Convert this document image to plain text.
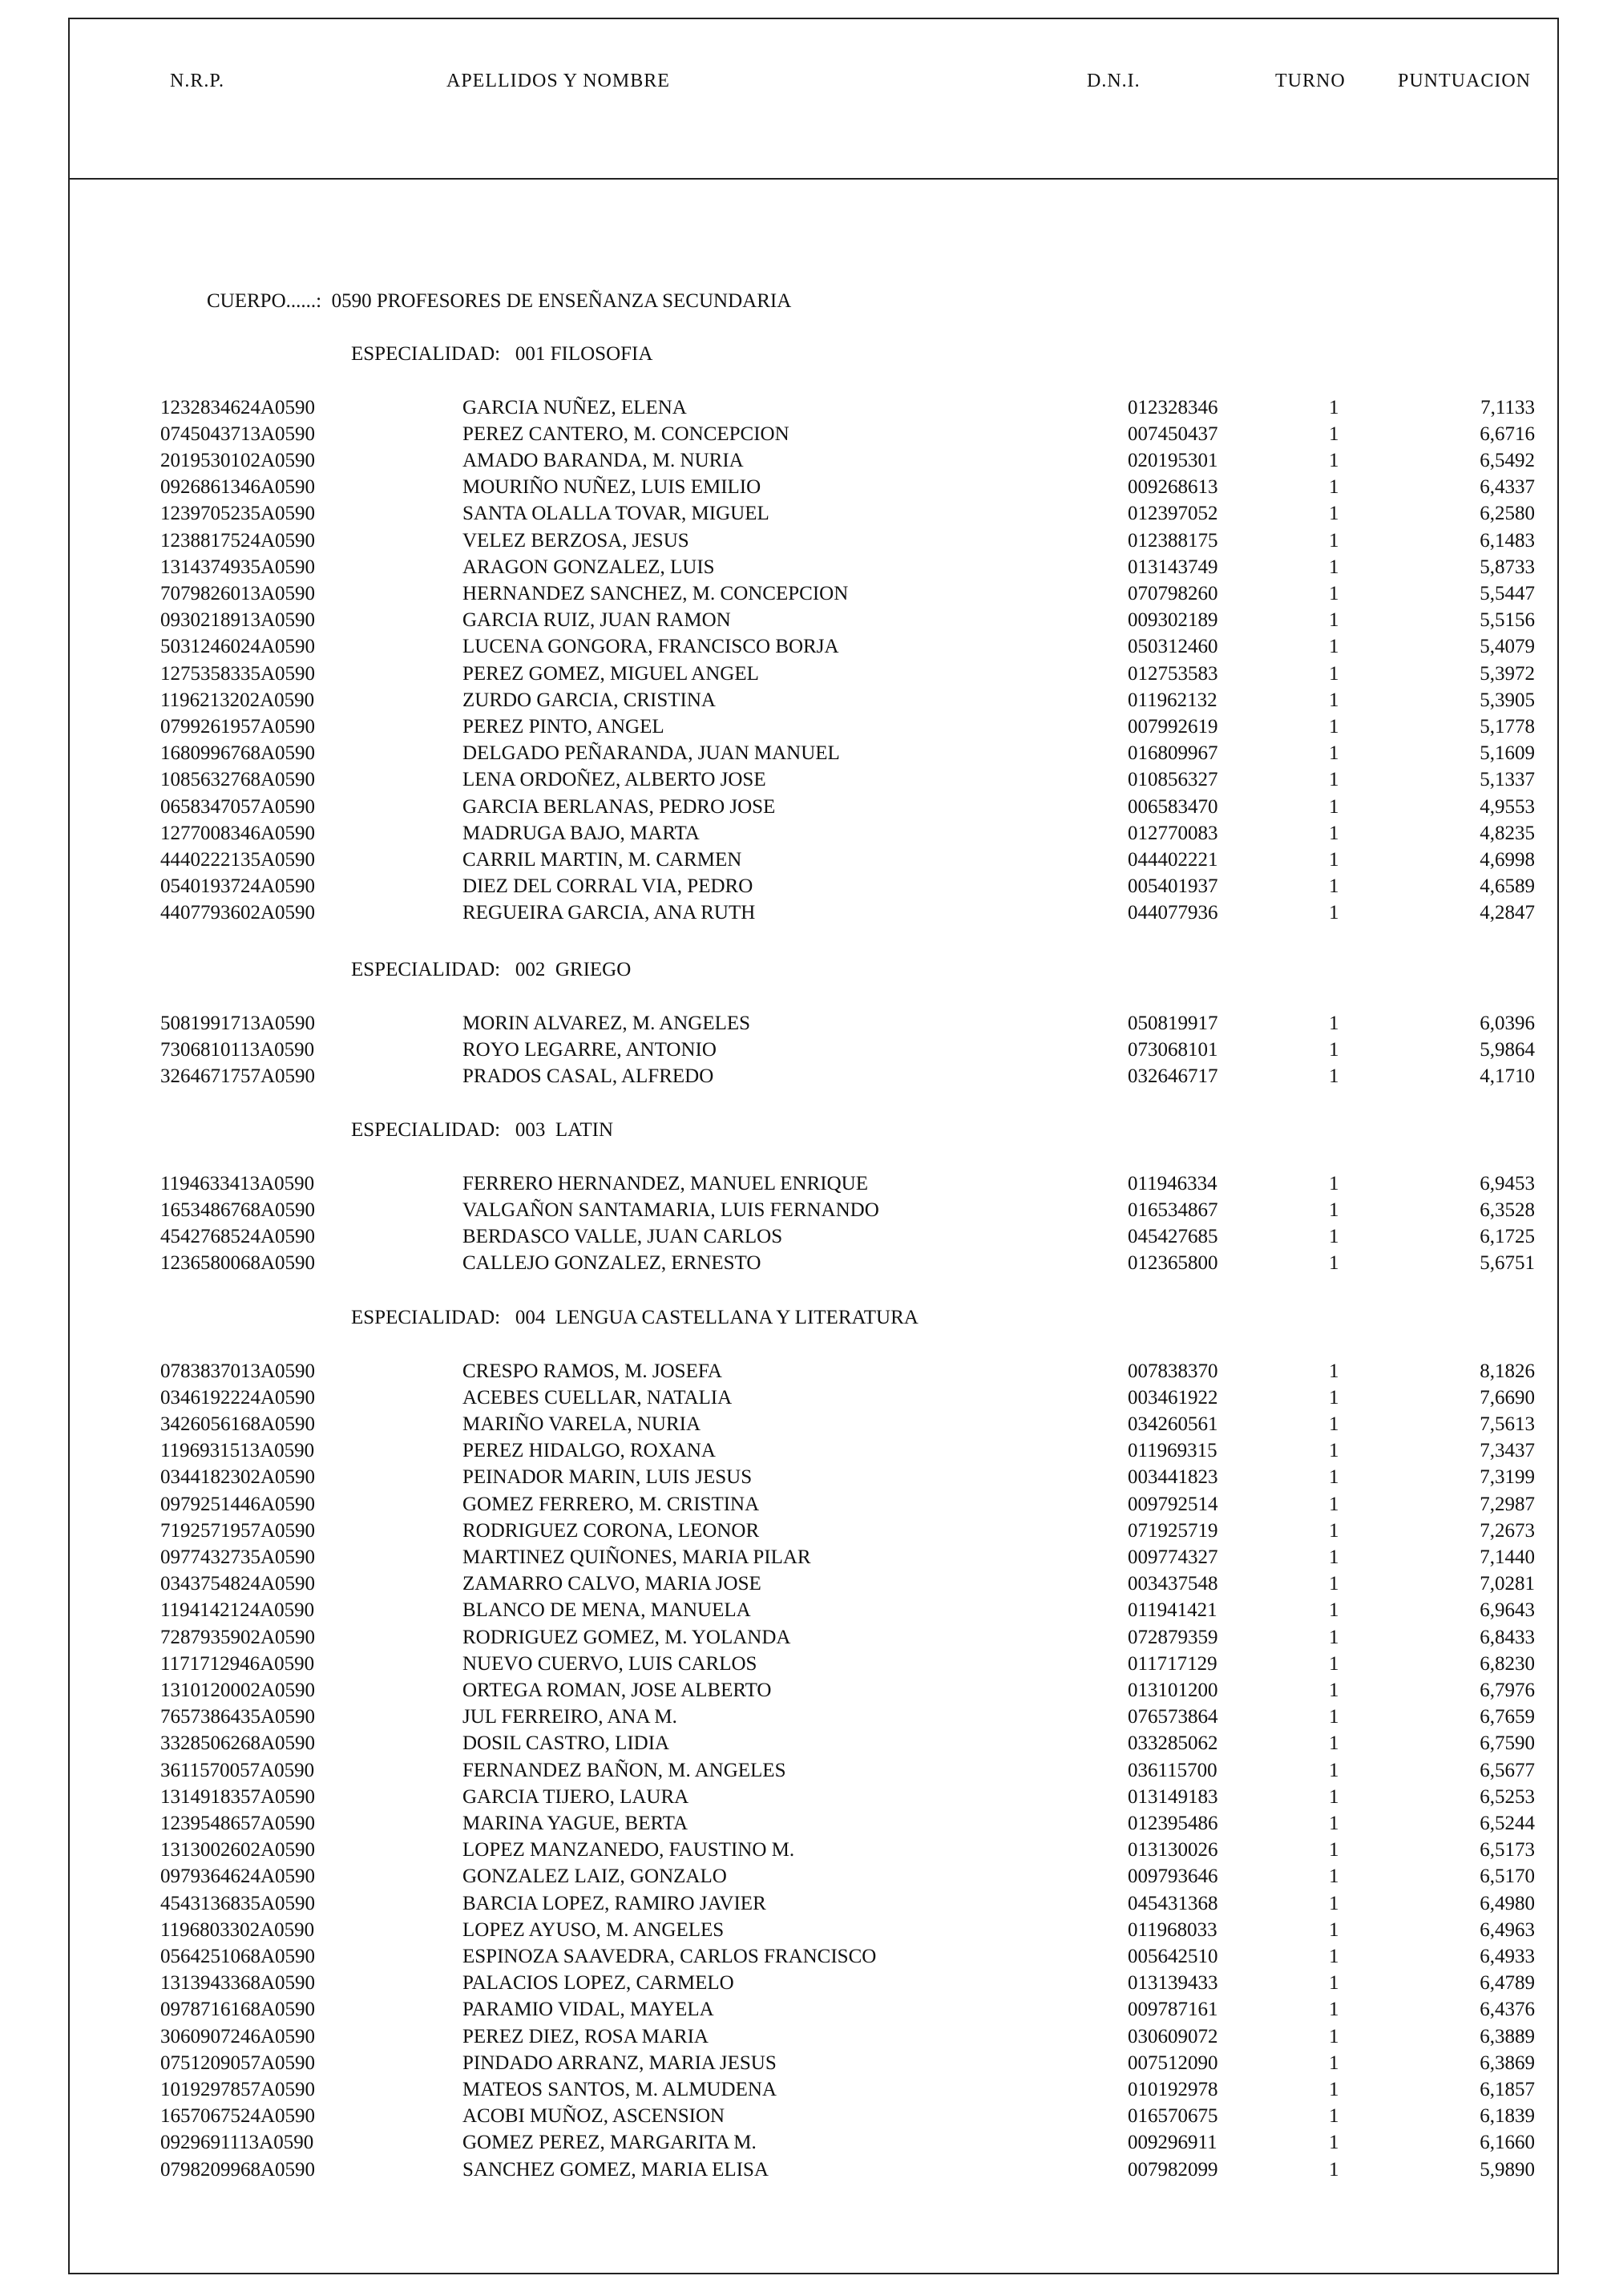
N.R.P.	APELLIDOS Y NOMBRE	D.N.I.	TURNO	PUNTUACION
CUERPO......:  0590 PROFESORES DE ENSEÑANZA SECUNDARIA
ESPECIALIDAD:   001 FILOSOFIA
1232834624A0590	GARCIA NUÑEZ, ELENA	012328346	1	7,1133
0745043713A0590	PEREZ CANTERO, M. CONCEPCION	007450437	1	6,6716
2019530102A0590	AMADO BARANDA, M. NURIA	020195301	1	6,5492
0926861346A0590	MOURIÑO NUÑEZ, LUIS EMILIO	009268613	1	6,4337
1239705235A0590	SANTA OLALLA TOVAR, MIGUEL	012397052	1	6,2580
1238817524A0590	VELEZ BERZOSA, JESUS	012388175	1	6,1483
1314374935A0590	ARAGON GONZALEZ, LUIS	013143749	1	5,8733
7079826013A0590	HERNANDEZ SANCHEZ, M. CONCEPCION	070798260	1	5,5447
0930218913A0590	GARCIA RUIZ, JUAN RAMON	009302189	1	5,5156
5031246024A0590	LUCENA GONGORA, FRANCISCO BORJA	050312460	1	5,4079
1275358335A0590	PEREZ GOMEZ, MIGUEL ANGEL	012753583	1	5,3972
1196213202A0590	ZURDO GARCIA, CRISTINA	011962132	1	5,3905
0799261957A0590	PEREZ PINTO, ANGEL	007992619	1	5,1778
1680996768A0590	DELGADO PEÑARANDA, JUAN MANUEL	016809967	1	5,1609
1085632768A0590	LENA ORDOÑEZ, ALBERTO JOSE	010856327	1	5,1337
0658347057A0590	GARCIA BERLANAS, PEDRO JOSE	006583470	1	4,9553
1277008346A0590	MADRUGA BAJO, MARTA	012770083	1	4,8235
4440222135A0590	CARRIL MARTIN, M. CARMEN	044402221	1	4,6998
0540193724A0590	DIEZ DEL CORRAL VIA, PEDRO	005401937	1	4,6589
4407793602A0590	REGUEIRA GARCIA, ANA RUTH	044077936	1	4,2847
ESPECIALIDAD:   002  GRIEGO
5081991713A0590	MORIN ALVAREZ, M. ANGELES	050819917	1	6,0396
7306810113A0590	ROYO LEGARRE, ANTONIO	073068101	1	5,9864
3264671757A0590	PRADOS CASAL, ALFREDO	032646717	1	4,1710
ESPECIALIDAD:   003  LATIN
1194633413A0590	FERRERO HERNANDEZ, MANUEL ENRIQUE	011946334	1	6,9453
1653486768A0590	VALGAÑON SANTAMARIA, LUIS FERNANDO	016534867	1	6,3528
4542768524A0590	BERDASCO VALLE, JUAN CARLOS	045427685	1	6,1725
1236580068A0590	CALLEJO GONZALEZ, ERNESTO	012365800	1	5,6751
ESPECIALIDAD:   004  LENGUA CASTELLANA Y LITERATURA
0783837013A0590	CRESPO RAMOS, M. JOSEFA	007838370	1	8,1826
0346192224A0590	ACEBES CUELLAR, NATALIA	003461922	1	7,6690
3426056168A0590	MARIÑO VARELA, NURIA	034260561	1	7,5613
1196931513A0590	PEREZ HIDALGO, ROXANA	011969315	1	7,3437
0344182302A0590	PEINADOR MARIN, LUIS JESUS	003441823	1	7,3199
0979251446A0590	GOMEZ FERRERO, M. CRISTINA	009792514	1	7,2987
7192571957A0590	RODRIGUEZ CORONA, LEONOR	071925719	1	7,2673
0977432735A0590	MARTINEZ QUIÑONES, MARIA PILAR	009774327	1	7,1440
0343754824A0590	ZAMARRO CALVO, MARIA JOSE	003437548	1	7,0281
1194142124A0590	BLANCO DE MENA, MANUELA	011941421	1	6,9643
7287935902A0590	RODRIGUEZ GOMEZ, M. YOLANDA	072879359	1	6,8433
1171712946A0590	NUEVO CUERVO, LUIS CARLOS	011717129	1	6,8230
1310120002A0590	ORTEGA ROMAN, JOSE ALBERTO	013101200	1	6,7976
7657386435A0590	JUL FERREIRO, ANA M.	076573864	1	6,7659
3328506268A0590	DOSIL CASTRO, LIDIA	033285062	1	6,7590
3611570057A0590	FERNANDEZ BAÑON, M. ANGELES	036115700	1	6,5677
1314918357A0590	GARCIA TIJERO, LAURA	013149183	1	6,5253
1239548657A0590	MARINA YAGUE, BERTA	012395486	1	6,5244
1313002602A0590	LOPEZ MANZANEDO, FAUSTINO M.	013130026	1	6,5173
0979364624A0590	GONZALEZ LAIZ, GONZALO	009793646	1	6,5170
4543136835A0590	BARCIA LOPEZ, RAMIRO JAVIER	045431368	1	6,4980
1196803302A0590	LOPEZ AYUSO, M. ANGELES	011968033	1	6,4963
0564251068A0590	ESPINOZA SAAVEDRA, CARLOS FRANCISCO	005642510	1	6,4933
1313943368A0590	PALACIOS LOPEZ, CARMELO	013139433	1	6,4789
0978716168A0590	PARAMIO VIDAL, MAYELA	009787161	1	6,4376
3060907246A0590	PEREZ DIEZ, ROSA MARIA	030609072	1	6,3889
0751209057A0590	PINDADO ARRANZ, MARIA JESUS	007512090	1	6,3869
1019297857A0590	MATEOS SANTOS, M. ALMUDENA	010192978	1	6,1857
1657067524A0590	ACOBI MUÑOZ, ASCENSION	016570675	1	6,1839
0929691113A0590	GOMEZ PEREZ, MARGARITA M.	009296911	1	6,1660
0798209968A0590	SANCHEZ GOMEZ, MARIA ELISA	007982099	1	5,9890
